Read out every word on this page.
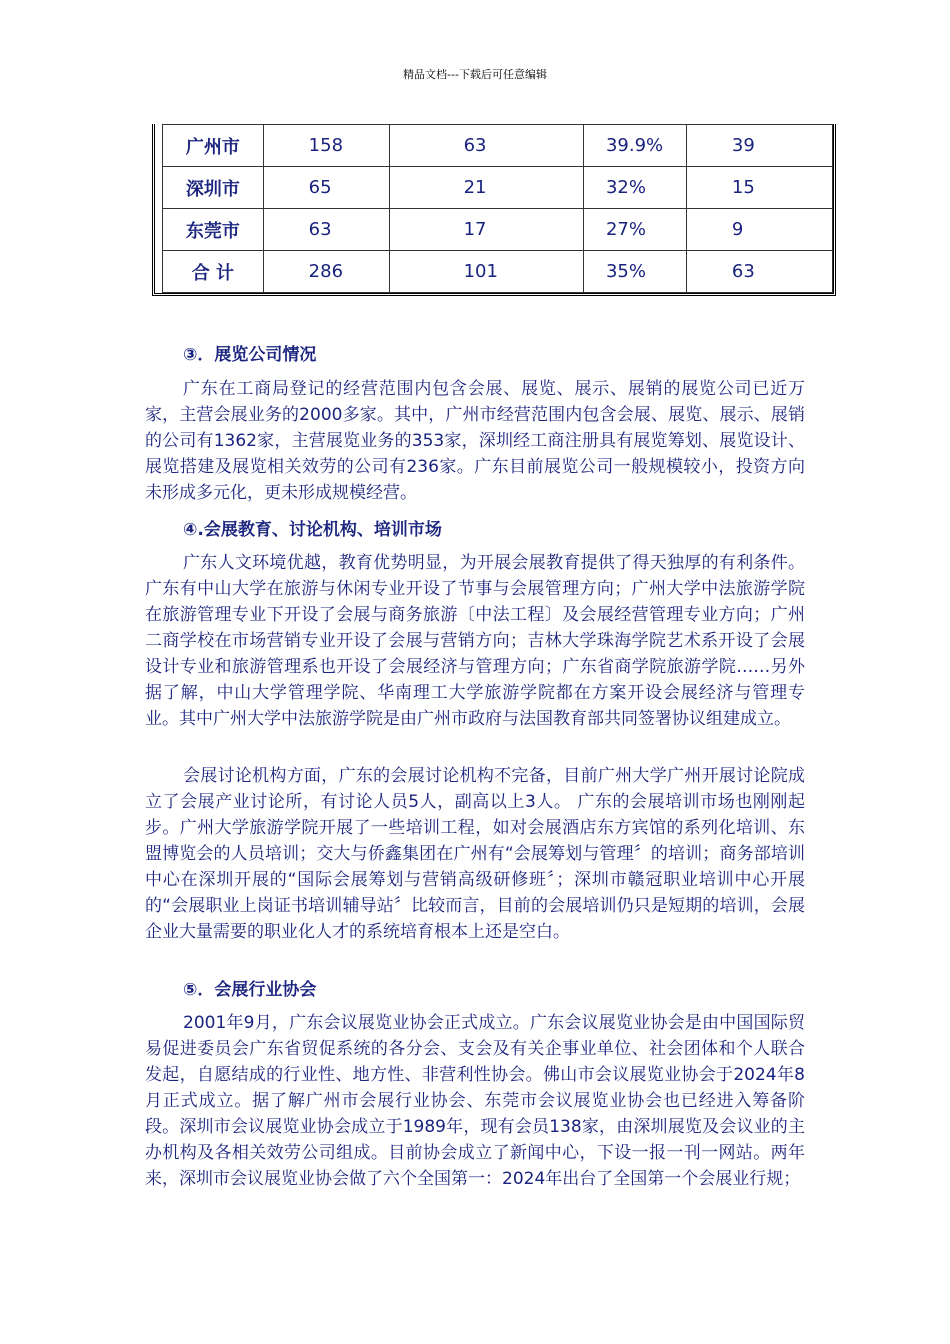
精品文档---下载后可任意编辑
广州市	158	63	39.9%	39
深圳市	65	21	32%	15
东莞市	63	17	27%	9
合 计	286	101	35%	63
③．展览公司情况
广东在工商局登记的经营范围内包含会展、展览、展示、展销的展览公司已近万家，主营会展业务的2000多家。其中，广州市经营范围内包含会展、展览、展示、展销的公司有1362家，主营展览业务的353家，深圳经工商注册具有展览筹划、展览设计、展览搭建及展览相关效劳的公司有236家。广东目前展览公司一般规模较小，投资方向未形成多元化，更未形成规模经营。
④.会展教育、讨论机构、培训市场
广东人文环境优越，教育优势明显，为开展会展教育提供了得天独厚的有利条件。广东有中山大学在旅游与休闲专业开设了节事与会展管理方向；广州大学中法旅游学院在旅游管理专业下开设了会展与商务旅游〔中法工程〕及会展经营管理专业方向；广州二商学校在市场营销专业开设了会展与营销方向；吉林大学珠海学院艺术系开设了会展设计专业和旅游管理系也开设了会展经济与管理方向；广东省商学院旅游学院……另外据了解，中山大学管理学院、华南理工大学旅游学院都在方案开设会展经济与管理专业。其中广州大学中法旅游学院是由广州市政府与法国教育部共同签署协议组建成立。
会展讨论机构方面，广东的会展讨论机构不完备，目前广州大学广州开展讨论院成立了会展产业讨论所，有讨论人员5人，副高以上3人。 广东的会展培训市场也刚刚起步。广州大学旅游学院开展了一些培训工程，如对会展酒店东方宾馆的系列化培训、东盟博览会的人员培训；交大与侨鑫集团在广州有“会展筹划与管理〞的培训；商务部培训中心在深圳开展的“国际会展筹划与营销高级研修班〞；深圳市赣冠职业培训中心开展的“会展职业上岗证书培训辅导站〞比较而言，目前的会展培训仍只是短期的培训，会展企业大量需要的职业化人才的系统培育根本上还是空白。
⑤．会展行业协会
2001年9月，广东会议展览业协会正式成立。广东会议展览业协会是由中国国际贸易促进委员会广东省贸促系统的各分会、支会及有关企事业单位、社会团体和个人联合发起，自愿结成的行业性、地方性、非营利性协会。佛山市会议展览业协会于2024年8月正式成立。据了解广州市会展行业协会、东莞市会议展览业协会也已经进入筹备阶段。深圳市会议展览业协会成立于1989年，现有会员138家，由深圳展览及会议业的主办机构及各相关效劳公司组成。目前协会成立了新闻中心，下设一报一刊一网站。两年来，深圳市会议展览业协会做了六个全国第一：2024年出台了全国第一个会展业行规；
